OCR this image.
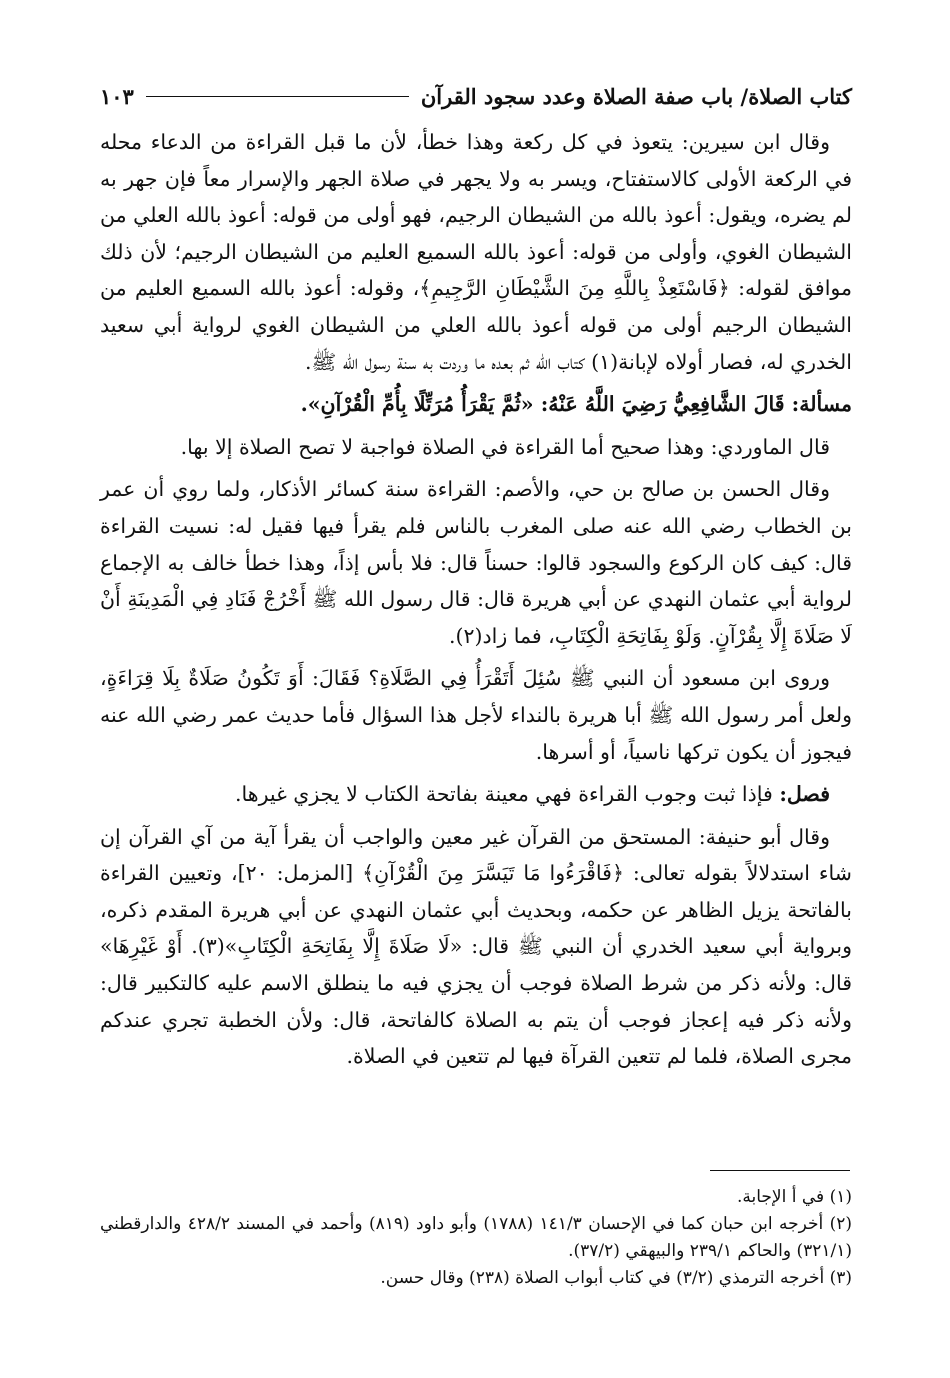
كتاب الصلاة/ باب صفة الصلاة وعدد سجود القرآن
١٠٣

وقال ابن سيرين: يتعوذ في كل ركعة وهذا خطأ، لأن ما قبل القراءة من الدعاء محله في الركعة الأولى كالاستفتاح، ويسر به ولا يجهر في صلاة الجهر والإسرار معاً فإن جهر به لم يضره، ويقول: أعوذ بالله من الشيطان الرجيم، فهو أولى من قوله: أعوذ بالله العلي من الشيطان الغوي، وأولى من قوله: أعوذ بالله السميع العليم من الشيطان الرجيم؛ لأن ذلك موافق لقوله: ﴿فَاسْتَعِذْ بِاللَّهِ مِنَ الشَّيْطَانِ الرَّجِيمِ﴾، وقوله: أعوذ بالله السميع العليم من الشيطان الرجيم أولى من قوله أعوذ بالله العلي من الشيطان الغوي لرواية أبي سعيد الخدري له، فصار أولاه لإبانة(١) كتاب الله ثم بعده ما وردت به سنة رسول الله ﷺ.

مسألة: قَالَ الشَّافِعِيُّ رَضِيَ اللَّهُ عَنْهُ: «ثُمَّ يَقْرَأُ مُرَتِّلًا بِأُمِّ الْقُرْآنِ».

قال الماوردي: وهذا صحيح أما القراءة في الصلاة فواجبة لا تصح الصلاة إلا بها.

وقال الحسن بن صالح بن حي، والأصم: القراءة سنة كسائر الأذكار، ولما روي أن عمر بن الخطاب رضي الله عنه صلى المغرب بالناس فلم يقرأ فيها فقيل له: نسيت القراءة قال: كيف كان الركوع والسجود قالوا: حسناً قال: فلا بأس إذاً، وهذا خطأ خالف به الإجماع لرواية أبي عثمان النهدي عن أبي هريرة قال: قال رسول الله ﷺ أَخْرُجْ فَنَادِ فِي الْمَدِينَةِ أَنْ لَا صَلَاةَ إِلَّا بِقُرْآنٍ. وَلَوْ بِفَاتِحَةِ الْكِتَابِ، فما زاد(٢).

وروى ابن مسعود أن النبي ﷺ سُئِلَ أَتَقْرَأُ فِي الصَّلَاةِ؟ فَقَالَ: أَوَ تَكُونُ صَلَاةٌ بِلَا قِرَاءَةٍ، ولعل أمر رسول الله ﷺ أبا هريرة بالنداء لأجل هذا السؤال فأما حديث عمر رضي الله عنه فيجوز أن يكون تركها ناسياً، أو أسرها.

فصل: فإذا ثبت وجوب القراءة فهي معينة بفاتحة الكتاب لا يجزي غيرها.

وقال أبو حنيفة: المستحق من القرآن غير معين والواجب أن يقرأ آية من آي القرآن إن شاء استدلالاً بقوله تعالى: ﴿فَاقْرَءُوا مَا تَيَسَّرَ مِنَ الْقُرْآنِ﴾ [المزمل: ٢٠]، وتعيين القراءة بالفاتحة يزيل الظاهر عن حكمه، وبحديث أبي عثمان النهدي عن أبي هريرة المقدم ذكره، وبرواية أبي سعيد الخدري أن النبي ﷺ قال: «لَا صَلَاةَ إِلَّا بِفَاتِحَةِ الْكِتَابِ»(٣). أَوْ غَيْرِهَا» قال: ولأنه ذكر من شرط الصلاة فوجب أن يجزي فيه ما ينطلق الاسم عليه كالتكبير قال: ولأنه ذكر فيه إعجاز فوجب أن يتم به الصلاة كالفاتحة، قال: ولأن الخطبة تجري عندكم مجرى الصلاة، فلما لم تتعين القرآة فيها لم تتعين في الصلاة.

(١) في أ الإجابة.

(٢) أخرجه ابن حبان كما في الإحسان ١٤١/٣ (١٧٨٨) وأبو داود (٨١٩) وأحمد في المسند ٤٢٨/٢ والدارقطني (٣٢١/١) والحاكم ٢٣٩/١ والبيهقي (٣٧/٢).

(٣) أخرجه الترمذي (٣/٢) في كتاب أبواب الصلاة (٢٣٨) وقال حسن.
